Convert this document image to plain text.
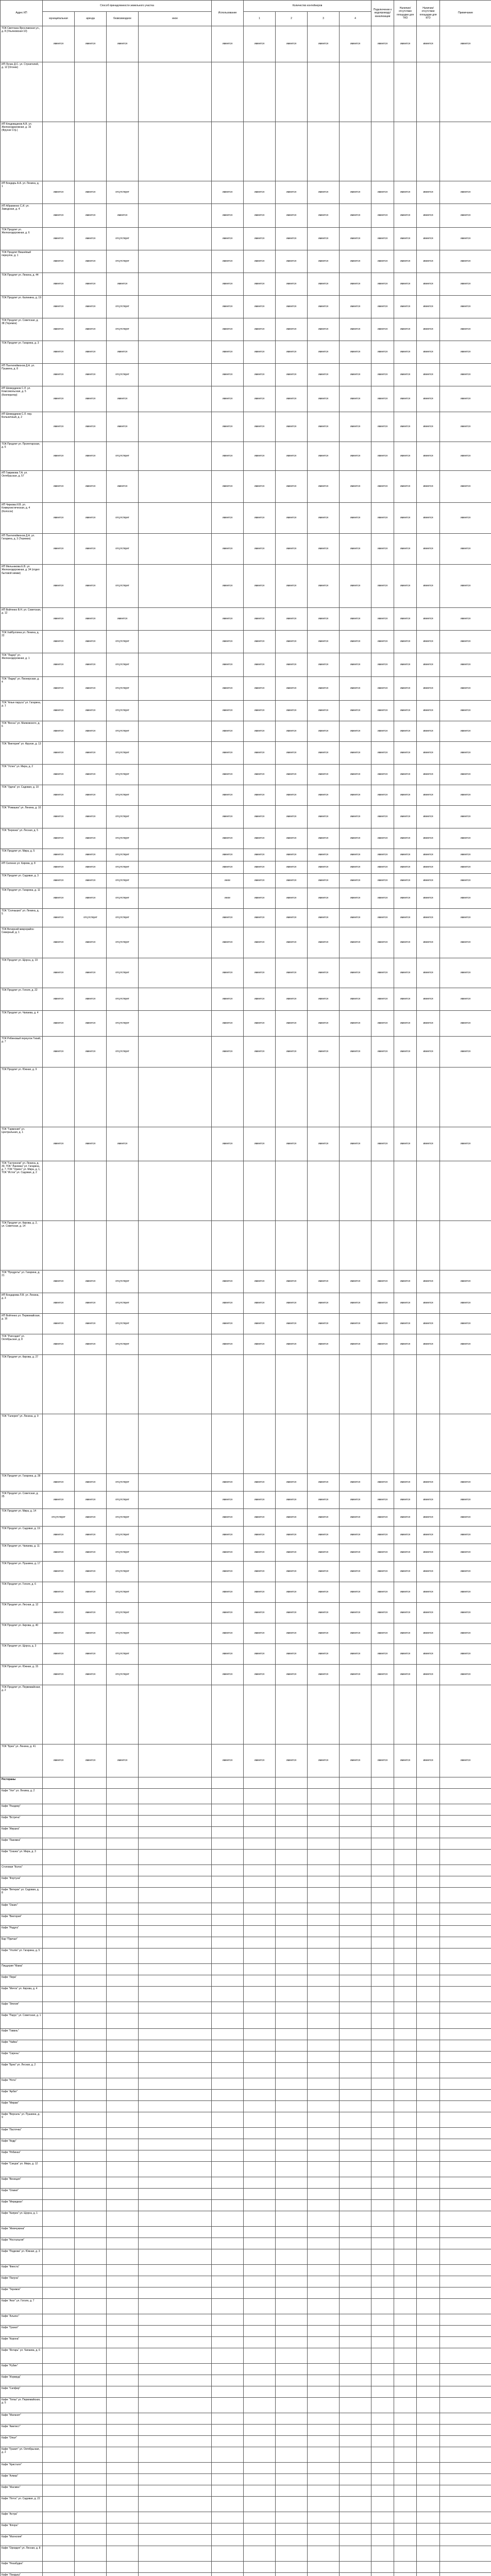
Адрес КП	Способ принадлежности земельного участка				Использование	Количество контейнеров				Подключение к водопроводу/канализации	Наличие/отсутствие площадки для ТКО	Наличие/отсутствие площадки для КГО	Примечание	
	муниципальная	аренда	безвозмездное	иное		1	2	3	4					
ТОК Светлана Ярославская ул., д. 8 (Ульяновская 10)	имеется	имеется	имеется		имеется	имеется	имеется	имеется	имеется	имеется	имеется	имеется	имеется	
ИП Лучин Д.С. ул. Строителей, д. 12 (Огонек)														
ИП Кладовщиков А.В. ул. Железнодорожная, д. 16 (Фрунзе Стр.)														
ИП Бондарь А.А. ул. Ленина, д. 1	имеется	имеется	отсутствует		имеется	имеется	имеется	имеется	имеется	имеется	имеется	имеется	имеется	
ИП Абраменко С.И. ул. Заводская, д. 4	имеется	имеется	имеется		имеется	имеется	имеется	имеется	имеется	имеется	имеется	имеется	имеется	
ТОК Продлит ул. Железнодорожная, д. 6	имеется	имеется	отсутствует		имеется	имеется	имеется	имеется	имеется	имеется	имеется	имeется	имеется	
ТОК Продлит Вишнёвый переулок, д. 1	имеется	имеется	отсутствует		имеется	имеется	имеется	имеется	имеется	имеется	имеется	имеется	имеется	
ТОК Продлит ул. Ленина, д. 44	имеется	имеется	имеется		имеется	имеется	имеется	имеется	имеется	имеется	имеется	имеется	имеется	
ТОК Продлит ул. Калинина, д. 19	имеется	имеется	отсутствует		имеется	имеется	имеется	имеется	имеется	имеется	имеется	имеется	имеется	
ТОК Продлит ул. Советская, д. 38 (Теремок)	имеется	имеется	отсутствует		имеется	имеется	имеется	имеется	имеется	имеется	имеется	имеется	имеется	
ТОК Продлит ул. Гагарина, д. 3	имеется	имеется	имеется		имеется	имеется	имеется	имеется	имеется	имеется	имеется	имеется	имеется	
ИП Пантелеймонов Д.А. ул. Пушкина, д. 8	имеется	имеется	отсутствует		имеется	имеется	имеется	имеется	имеется	имеется	имеется	имеется	имеется	
ИП Шевердиков С.Л. ул. Комсомольская, д. 5 (Кооператор)	имеется	имеется	имеется		имеется	имеется	имеется	имеется	имеется	имеется	имеется	имеется	имеется	
ИП Шевердиков С.Л. пер. Больничный, д. 2	имеется	имеется	имеется		имеется	имеется	имеется	имеется	имеется	имеется	имеется	имеется	имеется	
ТОК Продлит ул. Пролетарская, д. 6	имеется	имеется	отсутствует		имеется	имеется	имеется	имеется	имеется	имеется	имеется	имеется	имеется	
ИП Гаврикова Т.А. ул. Октябрьская, д. 57	имеется	имеется	имеется		имеется	имеется	имеется	имеется	имеется	имеется	имеется	имеется	имеется	
ИП Чиркова И.В. ул. Коммунистическая, д. 4 (Колосок)	имеется	имеется	отсутствует		имеется	имеется	имеется	имеется	имеется	имеется	имеется	имеется	имеется	
ИП Пантелеймонов Д.А. ул. Гагарина, д. 3 (Теремок)	имеется	имеется	отсутствует		имеется	имеется	имеется	имеется	имеется	имеется	имеется	имеется	имеется	
ИП Мельникова Е.В. ул. Железнодорожная, д. 34 (отдел бытовой химии)	имеется	имеется	отсутствует		имеется	имеется	имеется	имеется	имеется	имеется	имеется	имеется	имеется	
ИП Войтенко В.Н. ул. Советская, д. 12	имеется	имеется	имеется		имеется	имеется	имеется	имеется	имеется	имеется	имеется	имеется	имеется	
ТОК Хайбуллина ул. Ленина, д. 22	имеется	имеется	отсутствует		имеется	имеется	имеется	имеется	имеется	имеется	имеется	имеется	имеется	
ТОК "Лидер" ул. Железнодорожная, д. 1	имеется	имеется	отсутствует		имеется	имеется	имеется	имеется	имеется	имеется	имеется	имеется	имеется	
ТОК "Лидер" ул. Пионерская, д. 4	имеется	имеется	отсутствует		имеется	имеется	имеется	имеется	имеется	имеется	имеется	имеется	имеется	
ТОК "Алые паруса" ул. Гагарина, д. 1	имеется	имеется	отсутствует		имеется	имеется	имеется	имеется	имеется	имеется	имеется	имеется	имеется	
ТОК "Весна" ул. Маяковского, д. 6	имеется	имеется	отсутствует		имеется	имеется	имеется	имеется	имеется	имеется	имеется	имеется	имеется	
ТОК "Виктория" ул. Фрунзе, д. 13	имеется	имеется	отсутствует		имеется	имеется	имеется	имеется	имеется	имеется	имеется	имеется	имеется	
ТОК "Успех" ул. Мира, д. 2	имеется	имеется	отсутствует		имеется	имеется	имеется	имеется	имеется	имеется	имеется	имеется	имеется	
ТОК "Удача" ул. Садовая, д. 10	имеется	имеется	отсутствует		имеется	имеется	имеется	имеется	имеется	имеется	имеется	имеется	имеется	
ТОК "Ромашка" ул. Ленина, д. 10	имеется	имеется	отсутствует		имеется	имеется	имеется	имеется	имеется	имеется	имеется	имеется	имеется	
ТОК "Березка" ул. Лесная, д. 5	имеется	имеется	отсутствует		имеется	имеется	имеется	имеется	имеется	имеется	имеется	имеется	имеется	
ТОК Продлит ул. Мира, д. 5	имеется	имеется	отсутствует		имеется	имеется	имеется	имеется	имеется	имеется	имеется	имеется	имеется	
ИП Силенко ул. Кирова, д. 8	имеется	имеется	отсутствует		имеется	имеется	имеется	имеется	имеется	имеется	имеется	имеется	имеется	
ТОК Продлит ул. Садовая, д. 3	имеется	имеется	отсутствует		иное	имеется	имеется	имеется	имеется	имеется	имеется	имеется	имеется	
ТОК Продлит ул. Гагарина, д. 11	имеется	имеется	отсутствует		иное	имеется	имеется	имеется	имеется	имеется	имеется	имеется	имеется	
ТОК "Солнышко" ул. Ленина, д. 5	имеется	отсутствует	отсутствует		имеется	имеется	имеется	имеется	имеется	имеется	имеется	имеется	имеется	
ТОК Вечерний микрорайон Северный, д. 1	имеется	имеется	отсутствует		имеется	имеется	имеется	имеется	имеется	имеется	имеется	имеется	имеется	
ТОК Продлит ул. Щорса, д. 19	имеется	имеется	отсутствует		имеется	имеется	имеется	имеется	имеется	имеется	имеется	имеется	имеется	
ТОК Продлит ул. Гоголя, д. 22	имеется	имеется	отсутствует		имеется	имеется	имеется	имеется	имеется	имеется	имеется	имеется	имеется	
ТОК Продлит ул. Чапаева, д. 4	имеется	имеется	отсутствует		имеется	имеется	имеется	имеется	имеется	имеется	имеется	имеется	имеется	
ТОК Рябиновый переулок Тихий, д. 7	имеется	имеется	отсутствует		имеется	имеется	имеется	имеется	имеется	имеется	имеется	имеется	имеется	
ТОК Продлит ул. Южная, д. 9														
ТОК "Гармония" ул. Центральная, д. 1	имеется	имеется	имеется		имеется	имеется	имеется	имеется	имеется	имеется	имеется	имеется	имеется	
ТОК "Гастроном" ул. Ленина, д. 30, ТОК "Лакомка" ул. Гагарина, д. 7, ТОК "Орион" ул. Мира, д. 1, ТОК "Исток" ул. Садовая, д. 2														
ТОК Продлит ул. Кирова, д. 2, ул. Советская, д. 14														
ТОК "Продукты" ул. Гагарина, д. 21	имеется	имеется	отсутствует		имеется	имеется	имеется	имеется	имеется	имеется	имеется	имеется	имеется	
ИП Бондарева Л.В. ул. Ленина, д. 3	имеется	имеется	отсутствует		имеется	имеется	имеется	имеется	имеется	имеется	имеется	имеется	имеется	
ИП Войтенко ул. Первомайская, д. 16	имеется	имеется	отсутствует		имеется	имеется	имеется	имеется	имеется	имеется	имеется	имеется	имеется	
ТОК "Рапсодия" ул. Октябрьская, д. 8	имеется	имеется	отсутствует		имеется	имеется	имеется	имеется	имеется	имеется	имеется	имеется	имеется	
ТОК Продлит ул. Кирова, д. 27														
ТОК "Галерея" ул. Ленина, д. 9														
ТОК Продлит ул. Гагарина, д. 28	имеется	имеется	отсутствует		имеется	имеется	имеется	имеется	имеется	имеется	имеется	имеется	имеется	
ТОК Продлит ул. Советская, д. 25	имеется	имеется	отсутствует		имеется	имеется	имеется	имеется	имеется	имеется	имеется	имеется	имеется	
ТОК Продлит ул. Мира, д. 14	отсутствует	имеется	отсутствует		имеется	имеется	имеется	имеется	имеется	имеется	имеется	имеется	имеется	
ТОК Продлит ул. Садовая, д. 19	имеется	имеется	отсутствует		имеется	имеется	имеется	имеется	имеется	имеется	имеется	имеется	имеется	
ТОК Продлит ул. Чапаева, д. 11	имеется	имеется	отсутствует		имеется	имеется	имеется	имеется	имеется	имеется	имеется	имеется	имеется	
ТОК Продлит ул. Пушкина, д. 17	имеется	имеется	отсутствует		имеется	имеется	имеется	имеется	имеется	имеется	имеется	имеется	имеется	
ТОК Продлит ул. Гоголя, д. 6	имеется	имеется	отсутствует		имеется	имеется	имеется	имеется	имеется	имеется	имеется	имеется	имеется	
ТОК Продлит ул. Лесная, д. 12	имеется	имеется	отсутствует		имеется	имеется	имеется	имеется	имеется	имеется	имеется	имеется	имеется	
ТОК Продлит ул. Кирова, д. 40	имеется	имеется	отсутствует		имеется	имеется	имеется	имеется	имеется	имеется	имеется	имеется	имеется	
ТОК Продлит ул. Щорса, д. 3	имеется	имеется	отсутствует		имеется	имеется	имеется	имеется	имеется	имеется	имеется	имеется	имеется	
ТОК Продлит ул. Южная, д. 15	имеется	имеется	отсутствует		имеется	имеется	имеется	имеется	имеется	имеется	имеется	имеется	имеется	
ТОК Продлит ул. Первомайская, д. 2														
ТОК "Бриз" ул. Ленина, д. 41	имеется	имеется	имеется		имеется	имеется	имеется	имеется	имеется	имеется	имеется	имеется	имеется	
Рестораны														
Кафе "Уют" ул. Ленина, д. 2														
Кафе "Рандеву"														
Кафе "Встреча"														
Кафе "Ивушка"														
Кафе "Лакомка"														
Кафе "Сказка" ул. Мира, д. 3														
Столовая "Колос"														
Кафе "Фортуна"														
Кафе "Ветерок" ул. Садовая, д. 8														
Кафе "Оазис"														
Кафе "Виктория"														
Кафе "Радуга"														
Бар "Причал"														
Кафе "Уголёк" ул. Гагарина, д. 5														
Пиццерия "Мама"														
Кафе "Лира"														
Кафе "Мечта" ул. Кирова, д. 4														
Кафе "Элегия"														
Кафе "Парус" ул. Советская, д. 1														
Кафе "Гавань"														
Кафе "Чайка"														
Кафе "Сирень"														
Кафе "Бриз" ул. Лесная, д. 2														
Кафе "Нота"														
Кафе "Арбат"														
Кафе "Мираж"														
Кафе "Версаль" ул. Пушкина, д. 9														
Кафе "Ласточка"														
Кафе "Кедр"														
Кафе "Рябинка"														
Кафе "Сакура" ул. Мира, д. 12														
Кафе "Венеция"														
Кафе "Олимп"														
Кафе "Меридиан"														
Кафе "Каприз" ул. Щорса, д. 1														
Кафе "Жемчужина"														
Кафе "Ностальгия"														
Кафе "Подкова" ул. Южная, д. 3														
Кафе "Фиеста"														
Кафе "Лагуна"														
Кафе "Теремок"														
Кафе "Агат" ул. Гоголя, д. 7														
Кафе "Альянс"														
Кафе "Гранат"														
Кафе "Корона"														
Кафе "Янтарь" ул. Чапаева, д. 6														
Кафе "Рубин"														
Кафе "Изумруд"														
Кафе "Сапфир"														
Кафе "Топаз" ул. Первомайская, д. 5														
Кафе "Малахит"														
Кафе "Аметист"														
Кафе "Опал"														
Кафе "Гранит" ул. Октябрьская, д. 2														
Кафе "Кристалл"														
Кафе "Алмаз"														
Кафе "Жасмин"														
Кафе "Лотос" ул. Садовая, д. 22														
Кафе "Астра"														
Кафе "Флора"														
Кафе "Магнолия"														
Кафе "Орхидея" ул. Лесная, д. 8														
Кафе "Незабудка"														
Кафе "Ландыш"														
